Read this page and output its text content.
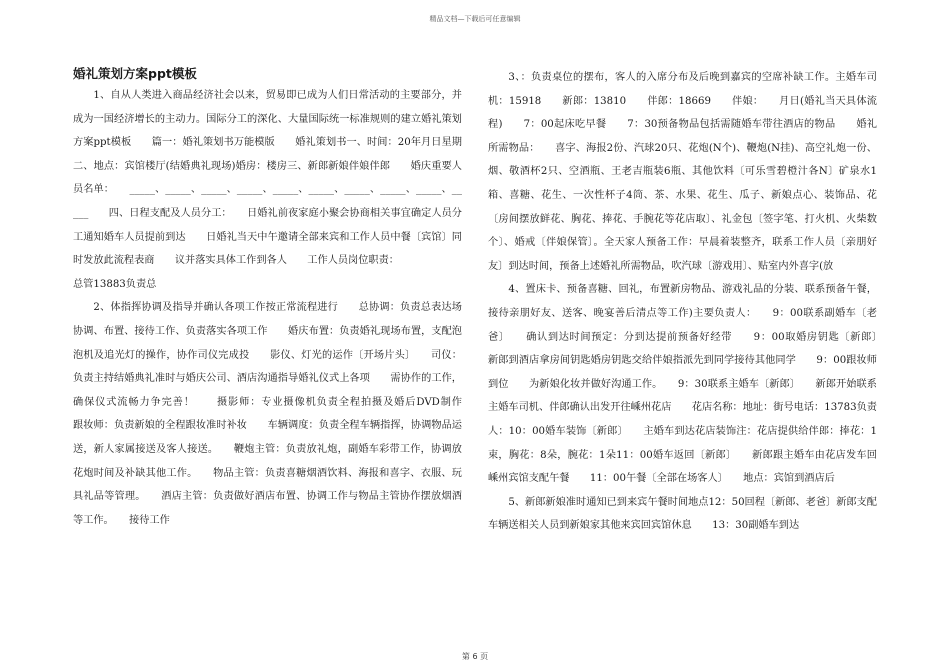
精品文档—下载后可任意编辑
婚礼策划方案ppt模板

1、自从人类进入商品经济社会以来，贸易即已成为人们日常活动的主要部分，并成为一国经济增长的主动力。国际分工的深化、大量国际统一标准规则的建立婚礼策划方案ppt模板　　篇一：婚礼策划书万能模版　　婚礼策划书一、时间：20年月日星期　　二、地点：宾馆楼厅(结婚典礼现场)婚房：楼房三、新郎新娘伴娘伴郎　　婚庆重要人员名单：　　_____、_____、_____、_____、_____、_____、_____、_____、_____、_____　　四、日程支配及人员分工：　　日婚礼前夜家庭小聚会协商相关事宜确定人员分工通知婚车人员提前到达　　日婚礼当天中午邀请全部来宾和工作人员中餐〔宾馆〕同时发放此流程表商　　议并落实具体工作到各人　　工作人员岗位职责：

总管13883负责总

2、体指挥协调及指导并确认各项工作按正常流程进行　　总协调：负责总表达场协调、布置、接待工作、负责落实各项工作　　婚庆布置：负责婚礼现场布置，支配泡泡机及追光灯的操作，协作司仪完成投　　影仪、灯光的运作〔开场片头〕　　司仪：负责主持结婚典礼准时与婚庆公司、酒店沟通指导婚礼仪式上各项　　需协作的工作，确保仪式流畅力争完善！　　摄影师：专业摄像机负责全程拍摄及婚后DVD制作　　跟妆师：负责新娘的全程跟妆准时补妆　　车辆调度：负责全程车辆指挥，协调物品运送，新人家属接送及客人接送。　　鞭炮主管：负责放礼炮，副婚车彩带工作，协调放花炮时间及补缺其他工作。　　物品主管：负责喜糖烟酒饮料、海报和喜字、衣服、玩具礼品等管理。　　酒店主管：负责做好酒店布置、协调工作与物品主管协作摆放烟酒等工作。　　接待工作

3、：负责桌位的摆布，客人的入席分布及后晚到嘉宾的空席补缺工作。主婚车司机：15918　　新郎：13810　　伴郎：18669　　伴娘：　　月日(婚礼当天具体流程)　　7：00起床吃早餐　　7：30预备物品包括需随婚车带往酒店的物品　　婚礼所需物品：　　喜字、海报2份、汽球20只、花炮(N个)、鞭炮(N挂)、高空礼炮一份、烟、敬酒杯2只、空酒瓶、王老吉瓶装6瓶、其他饮料〔可乐雪碧橙汁各N〕矿泉水1箱、喜糖、花生、一次性杯子4筒、茶、水果、花生、瓜子、新娘点心、装饰品、花〔房间摆放鲜花、胸花、捧花、手腕花等花店取〕、礼金包〔签字笔、打火机、火柴数个〕、婚戒〔伴娘保管〕。全天家人预备工作：早晨着装整齐，联系工作人员〔亲朋好友〕到达时间，预备上述婚礼所需物品，吹汽球〔游戏用〕、贴室内外喜字(放

4、置床卡、预备喜糖、回礼，布置新房物品、游戏礼品的分装、联系预备午餐，接待亲朋好友、送客、晚宴善后清点等工作)主要负责人：　　9：00联系副婚车〔老爸〕　　确认到达时间预定：分到达提前预备好经带　　9：00取婚房钥匙〔新郎〕　　新郎到酒店拿房间钥匙婚房钥匙交给伴娘指派先到同学接待其他同学　　9：00跟妆师到位　　为新娘化妆并做好沟通工作。　　9：30联系主婚车〔新郎〕　　新郎开始联系主婚车司机、伴郎确认出发开往嵊州花店　　花店名称：地址：街号电话：13783负责人：10：00婚车装饰〔新郎〕　　主婚车到达花店装饰注：花店提供给伴郎：捧花：1束，胸花：8朵，腕花：1朵11：00婚车返回〔新郎〕　　新郎跟主婚车由花店发车回嵊州宾馆支配午餐　　11：00午餐〔全部在场客人〕　　地点：宾馆到酒店后

5、新郎新娘准时通知已到来宾午餐时间地点12：50回程〔新郎、老爸〕新郎支配车辆送相关人员到新娘家其他来宾回宾馆休息　　13：30副婚车到达

第 6 页
